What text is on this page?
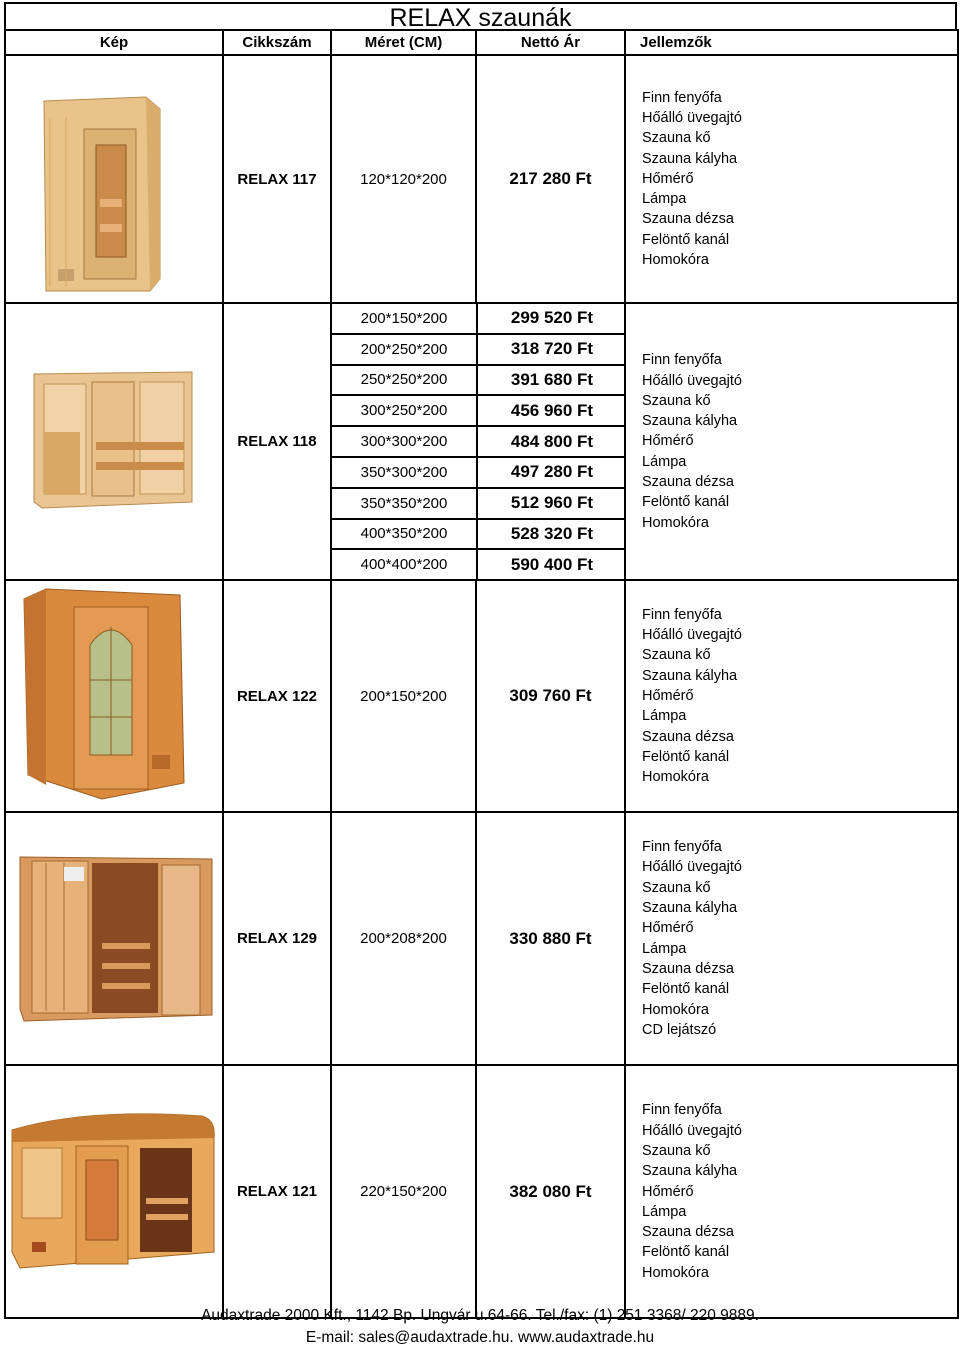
RELAX szaunák
Kép	Cikkszám	Méret (CM)	Nettó Ár	Jellemzők

	RELAX 117	120*120*200	217 280 Ft	
Finn fenyőfa
Hőálló üvegajtó
Szauna kő
Szauna kályha
Hőmérő
Lámpa
Szauna dézsa
Felöntő kanál
Homokóra

	RELAX 118	
200*150*200	299 520 Ft
200*250*200	318 720 Ft
250*250*200	391 680 Ft
300*250*200	456 960 Ft
300*300*200	484 800 Ft
350*300*200	497 280 Ft
350*350*200	512 960 Ft
400*350*200	528 320 Ft
400*400*200	590 400 Ft

Finn fenyőfa
Hőálló üvegajtó
Szauna kő
Szauna kályha
Hőmérő
Lámpa
Szauna dézsa
Felöntő kanál
Homokóra

	RELAX 122	200*150*200	309 760 Ft	
Finn fenyőfa
Hőálló üvegajtó
Szauna kő
Szauna kályha
Hőmérő
Lámpa
Szauna dézsa
Felöntő kanál
Homokóra

	RELAX 129	200*208*200	330 880 Ft	
Finn fenyőfa
Hőálló üvegajtó
Szauna kő
Szauna kályha
Hőmérő
Lámpa
Szauna dézsa
Felöntő kanál
Homokóra
CD lejátszó

	RELAX 121	220*150*200	382 080 Ft	
Finn fenyőfa
Hőálló üvegajtó
Szauna kő
Szauna kályha
Hőmérő
Lámpa
Szauna dézsa
Felöntő kanál
Homokóra
Audaxtrade 2000 Kft., 1142 Bp. Ungvár u.64-66. Tel./fax: (1) 251 3368/ 220 9889.
E-mail: sales@audaxtrade.hu. www.audaxtrade.hu
